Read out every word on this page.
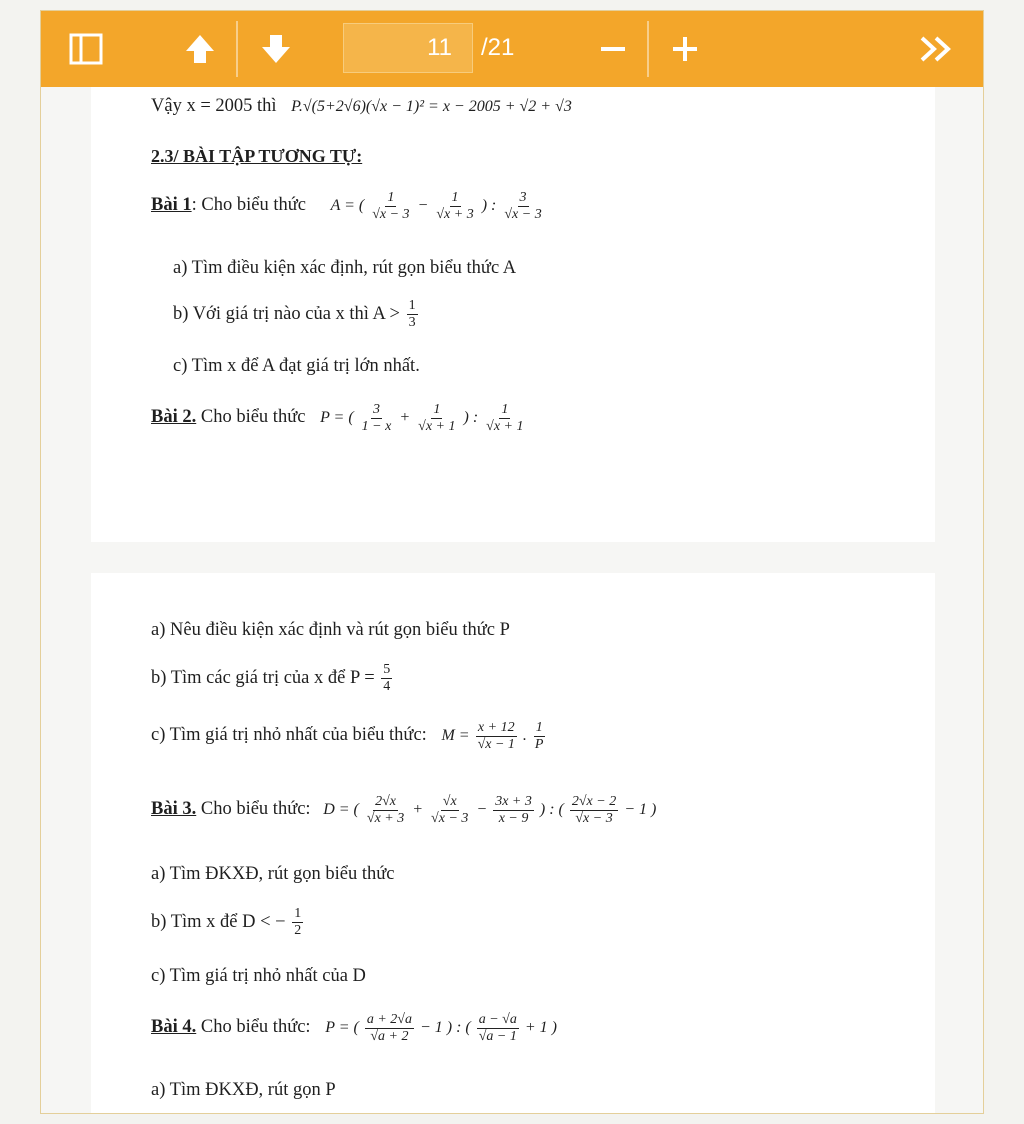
11	/21
Vậy x = 2005 thì P.√(5+2√6)(√x − 1)² = x − 2005 + √2 + √3
2.3/ BÀI TẬP TƯƠNG TỰ:
Bài 1: Cho biểu thức A = ( $\frac{1}{√x - 3} - \frac{1}{√x + 3}$ ) : $\frac{3}{√x - 3}$
a) Tìm điều kiện xác định, rút gọn biểu thức A
b) Với giá trị nào của x thì $A > \frac{1}{3}$
c) Tìm x để A đạt giá trị lớn nhất.
Bài 2. Cho biểu thức P = ( $\frac{3}{1 - x} + \frac{1}{√x + 1}$ ) : $\frac{1}{√x + 1}$
a) Nêu điều kiện xác định và rút gọn biểu thức P
b) Tìm các giá trị của x để $P = \frac{5}{4}$
c) Tìm giá trị nhỏ nhất của biểu thức: $M = \frac{x + 12}{√x - 1}$ . $\frac{1}{P}$
Bài 3. Cho biểu thức: D = ( $\frac{2√x}{√x + 3} + \frac{√x}{√x - 3} - \frac{3x + 3}{x - 9}$ ) : ( $\frac{2√x - 2}{√x - 3} - 1$ )
a) Tìm ĐKXĐ, rút gọn biểu thức
b) Tìm x để D < − $\frac{1}{2}$
c) Tìm giá trị nhỏ nhất của D
Bài 4. Cho biểu thức: P = ( $\frac{a + 2√a}{√a + 2} - 1$ ) : ( $\frac{a - √a}{√a - 1} + 1$ )
a) Tìm ĐKXĐ, rút gọn P
